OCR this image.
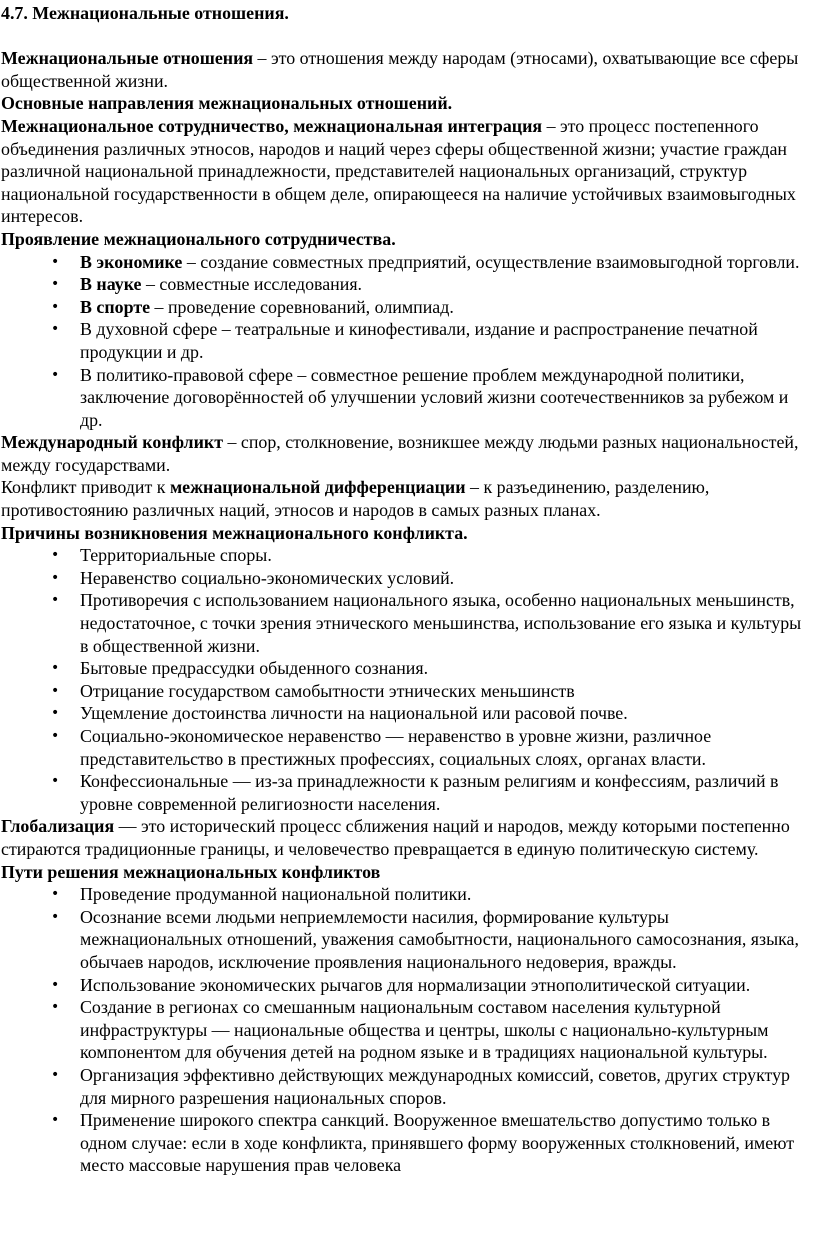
4.7. Межнациональные отношения.

Межнациональные отношения – это отношения между народам (этносами), охватывающие все сферы общественной жизни.

Основные направления межнациональных отношений.

Межнациональное сотрудничество, межнациональная интеграция – это процесс постепенного объединения различных этносов, народов и наций через сферы общественной жизни; участие граждан различной национальной принадлежности, представителей национальных организаций, структур национальной государственности в общем деле, опирающееся на наличие устойчивых взаимовыгодных интересов.

Проявление межнационального сотрудничества.

• В экономике – создание совместных предприятий, осуществление взаимовыгодной торговли.
• В науке – совместные исследования.
• В спорте – проведение соревнований, олимпиад.
• В духовной сфере – театральные и кинофестивали, издание и распространение печатной продукции и др.
• В политико-правовой сфере – совместное решение проблем международной политики, заключение договорённостей об улучшении условий жизни соотечественников за рубежом и др.

Международный конфликт – спор, столкновение, возникшее между людьми разных национальностей, между государствами.

Конфликт приводит к межнациональной дифференциации – к разъединению, разделению, противостоянию различных наций, этносов и народов в самых разных планах.

Причины возникновения межнационального конфликта.

• Территориальные споры.
• Неравенство социально-экономических условий.
• Противоречия с использованием национального языка, особенно национальных меньшинств, недостаточное, с точки зрения этнического меньшинства, использование его языка и культуры в общественной жизни.
• Бытовые предрассудки обыденного сознания.
• Отрицание государством самобытности этнических меньшинств
• Ущемление достоинства личности на национальной или расовой почве.
• Социально-экономическое неравенство — неравенство в уровне жизни, различное представительство в престижных профессиях, социальных слоях, органах власти.
• Конфессиональные — из-за принадлежности к разным религиям и конфессиям, различий в уровне современной религиозности населения.

Глобализация — это исторический процесс сближения наций и народов, между которыми постепенно стираются традиционные границы, и человечество превращается в единую политическую систему.

Пути решения межнациональных конфликтов

• Проведение продуманной национальной политики.
• Осознание всеми людьми неприемлемости насилия, формирование культуры межнациональных отношений, уважения самобытности, национального самосознания, языка, обычаев народов, исключение проявления национального недоверия, вражды.
• Использование экономических рычагов для нормализации этнополитической ситуации.
• Создание в регионах со смешанным национальным составом населения культурной инфраструктуры — национальные общества и центры, школы с национально-культурным компонентом для обучения детей на родном языке и в традициях национальной культуры.
• Организация эффективно действующих международных комиссий, советов, других структур для мирного разрешения национальных споров.
• Применение широкого спектра санкций. Вооруженное вмешательство допустимо только в одном случае: если в ходе конфликта, принявшего форму вооруженных столкновений, имеют место массовые нарушения прав человека
